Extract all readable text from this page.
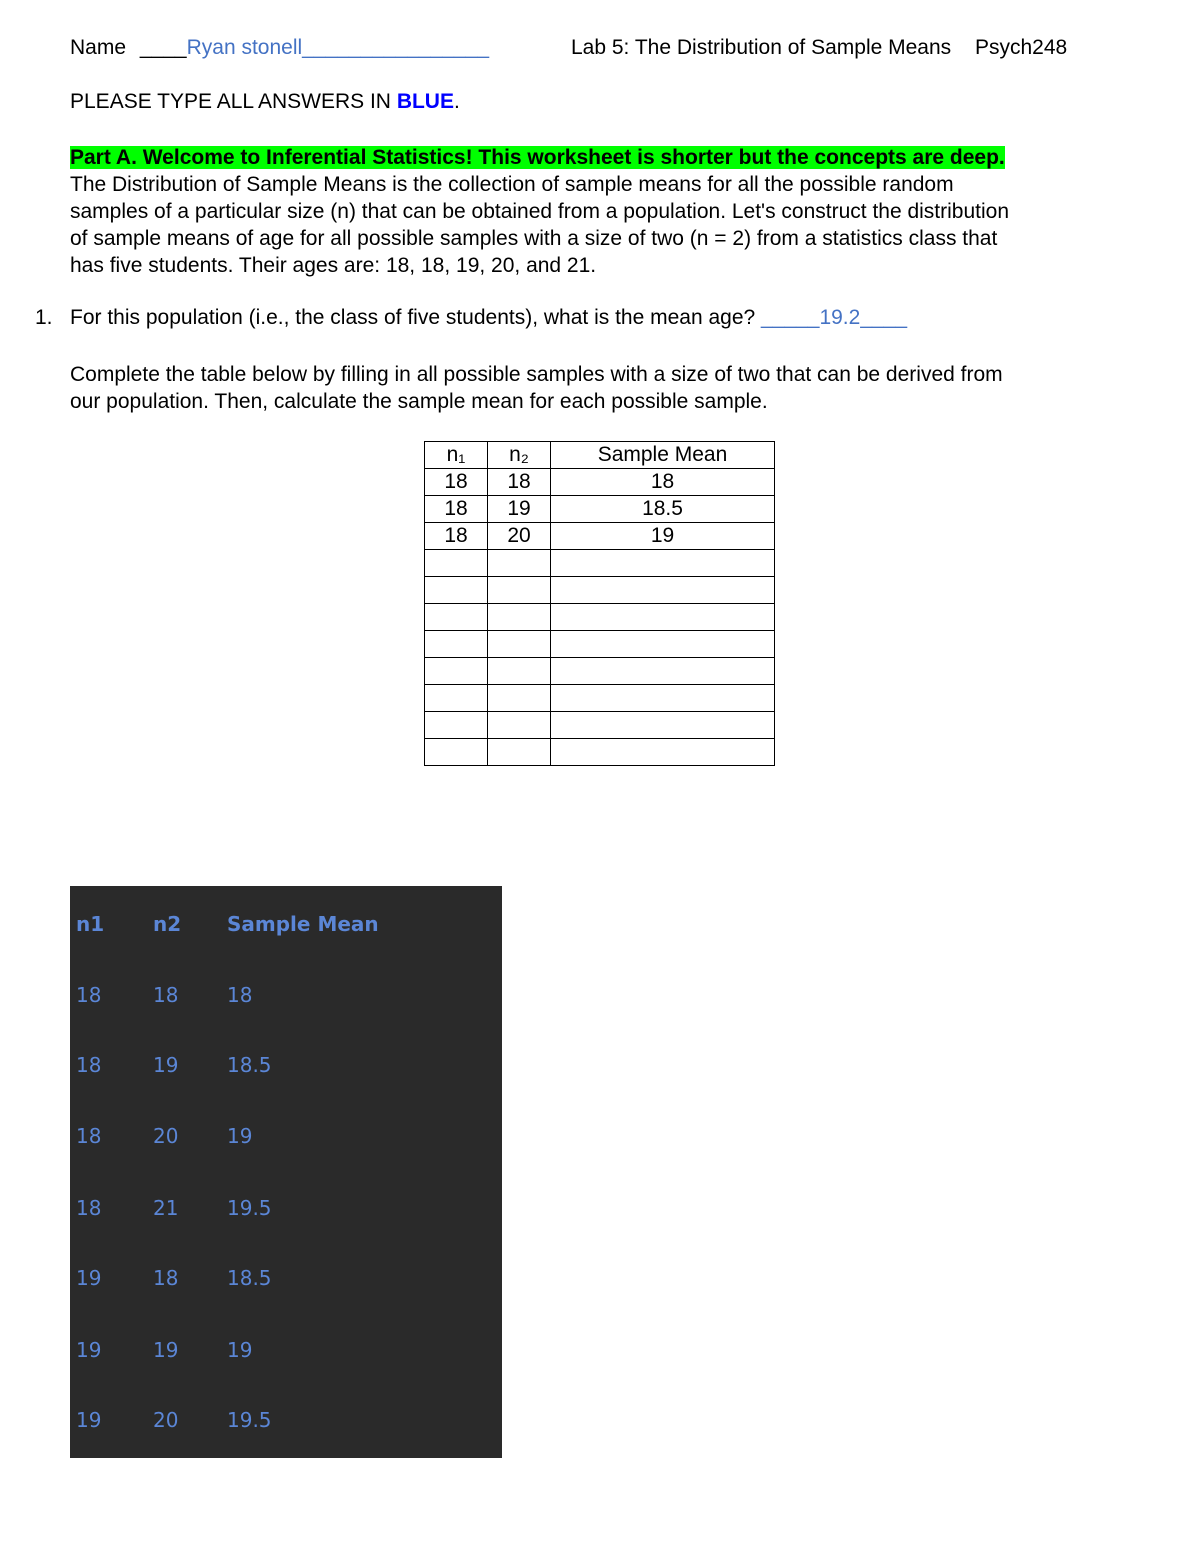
Name ____Ryan stonell________________	Lab 5: The Distribution of Sample Means Psych248
PLEASE TYPE ALL ANSWERS IN BLUE.
Part A. Welcome to Inferential Statistics! This worksheet is shorter but the concepts are deep.
The Distribution of Sample Means is the collection of sample means for all the possible random
samples of a particular size (n) that can be obtained from a population. Let's construct the distribution
of sample means of age for all possible samples with a size of two (n = 2) from a statistics class that
has five students. Their ages are: 18, 18, 19, 20, and 21.
1. For this population (i.e., the class of five students), what is the mean age? _____19.2____
Complete the table below by filling in all possible samples with a size of two that can be derived from
our population. Then, calculate the sample mean for each possible sample.
n₁	n₂	Sample Mean
18	18	18
18	19	18.5
18	20	19

n1 n2 Sample Mean
18	18 18
18	19 18.5
18	20 19
18	21 19.5
19	18 18.5
19	19 19
19	20 19.5
